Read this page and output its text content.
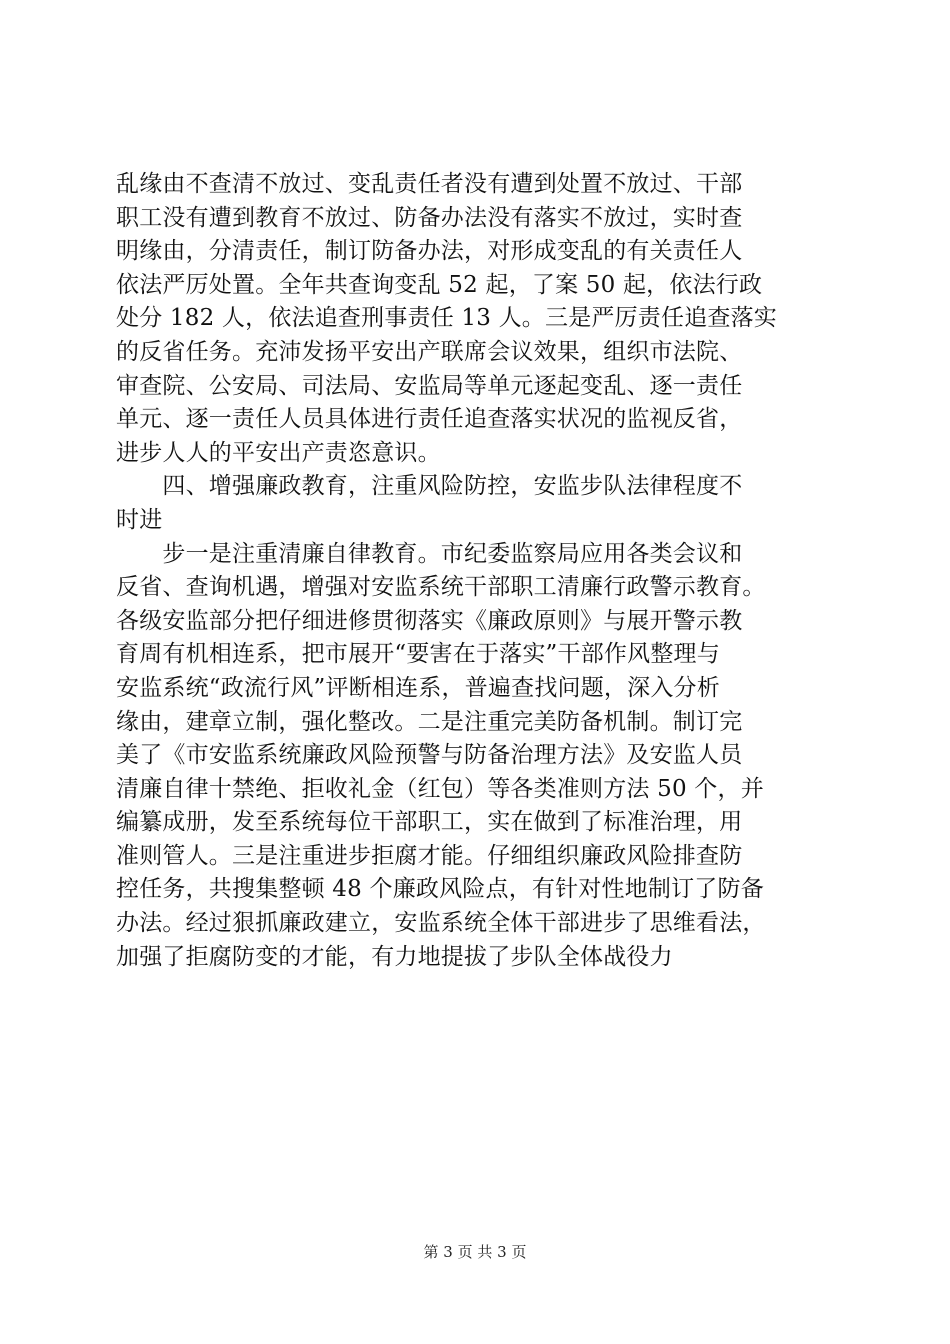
乱缘由不查清不放过、变乱责任者没有遭到处置不放过、干部
职工没有遭到教育不放过、防备办法没有落实不放过，实时查
明缘由，分清责任，制订防备办法，对形成变乱的有关责任人
依法严厉处置。全年共查询变乱 52 起，了案 50 起，依法行政
处分 182 人，依法追查刑事责任 13 人。三是严厉责任追查落实
的反省任务。充沛发扬平安出产联席会议效果，组织市法院、
审查院、公安局、司法局、安监局等单元逐起变乱、逐一责任
单元、逐一责任人员具体进行责任追查落实状况的监视反省，
进步人人的平安出产责恣意识。
　　四、增强廉政教育，注重风险防控，安监步队法律程度不
时进
　　步一是注重清廉自律教育。市纪委监察局应用各类会议和
反省、查询机遇，增强对安监系统干部职工清廉行政警示教育。
各级安监部分把仔细进修贯彻落实《廉政原则》与展开警示教
育周有机相连系，把市展开“要害在于落实”干部作风整理与
安监系统“政流行风”评断相连系，普遍查找问题，深入分析
缘由，建章立制，强化整改。二是注重完美防备机制。制订完
美了《市安监系统廉政风险预警与防备治理方法》及安监人员
清廉自律十禁绝、拒收礼金（红包）等各类准则方法 50 个，并
编纂成册，发至系统每位干部职工，实在做到了标准治理，用
准则管人。三是注重进步拒腐才能。仔细组织廉政风险排查防
控任务，共搜集整顿 48 个廉政风险点，有针对性地制订了防备
办法。经过狠抓廉政建立，安监系统全体干部进步了思维看法，
加强了拒腐防变的才能，有力地提拔了步队全体战役力
第 3 页 共 3 页
